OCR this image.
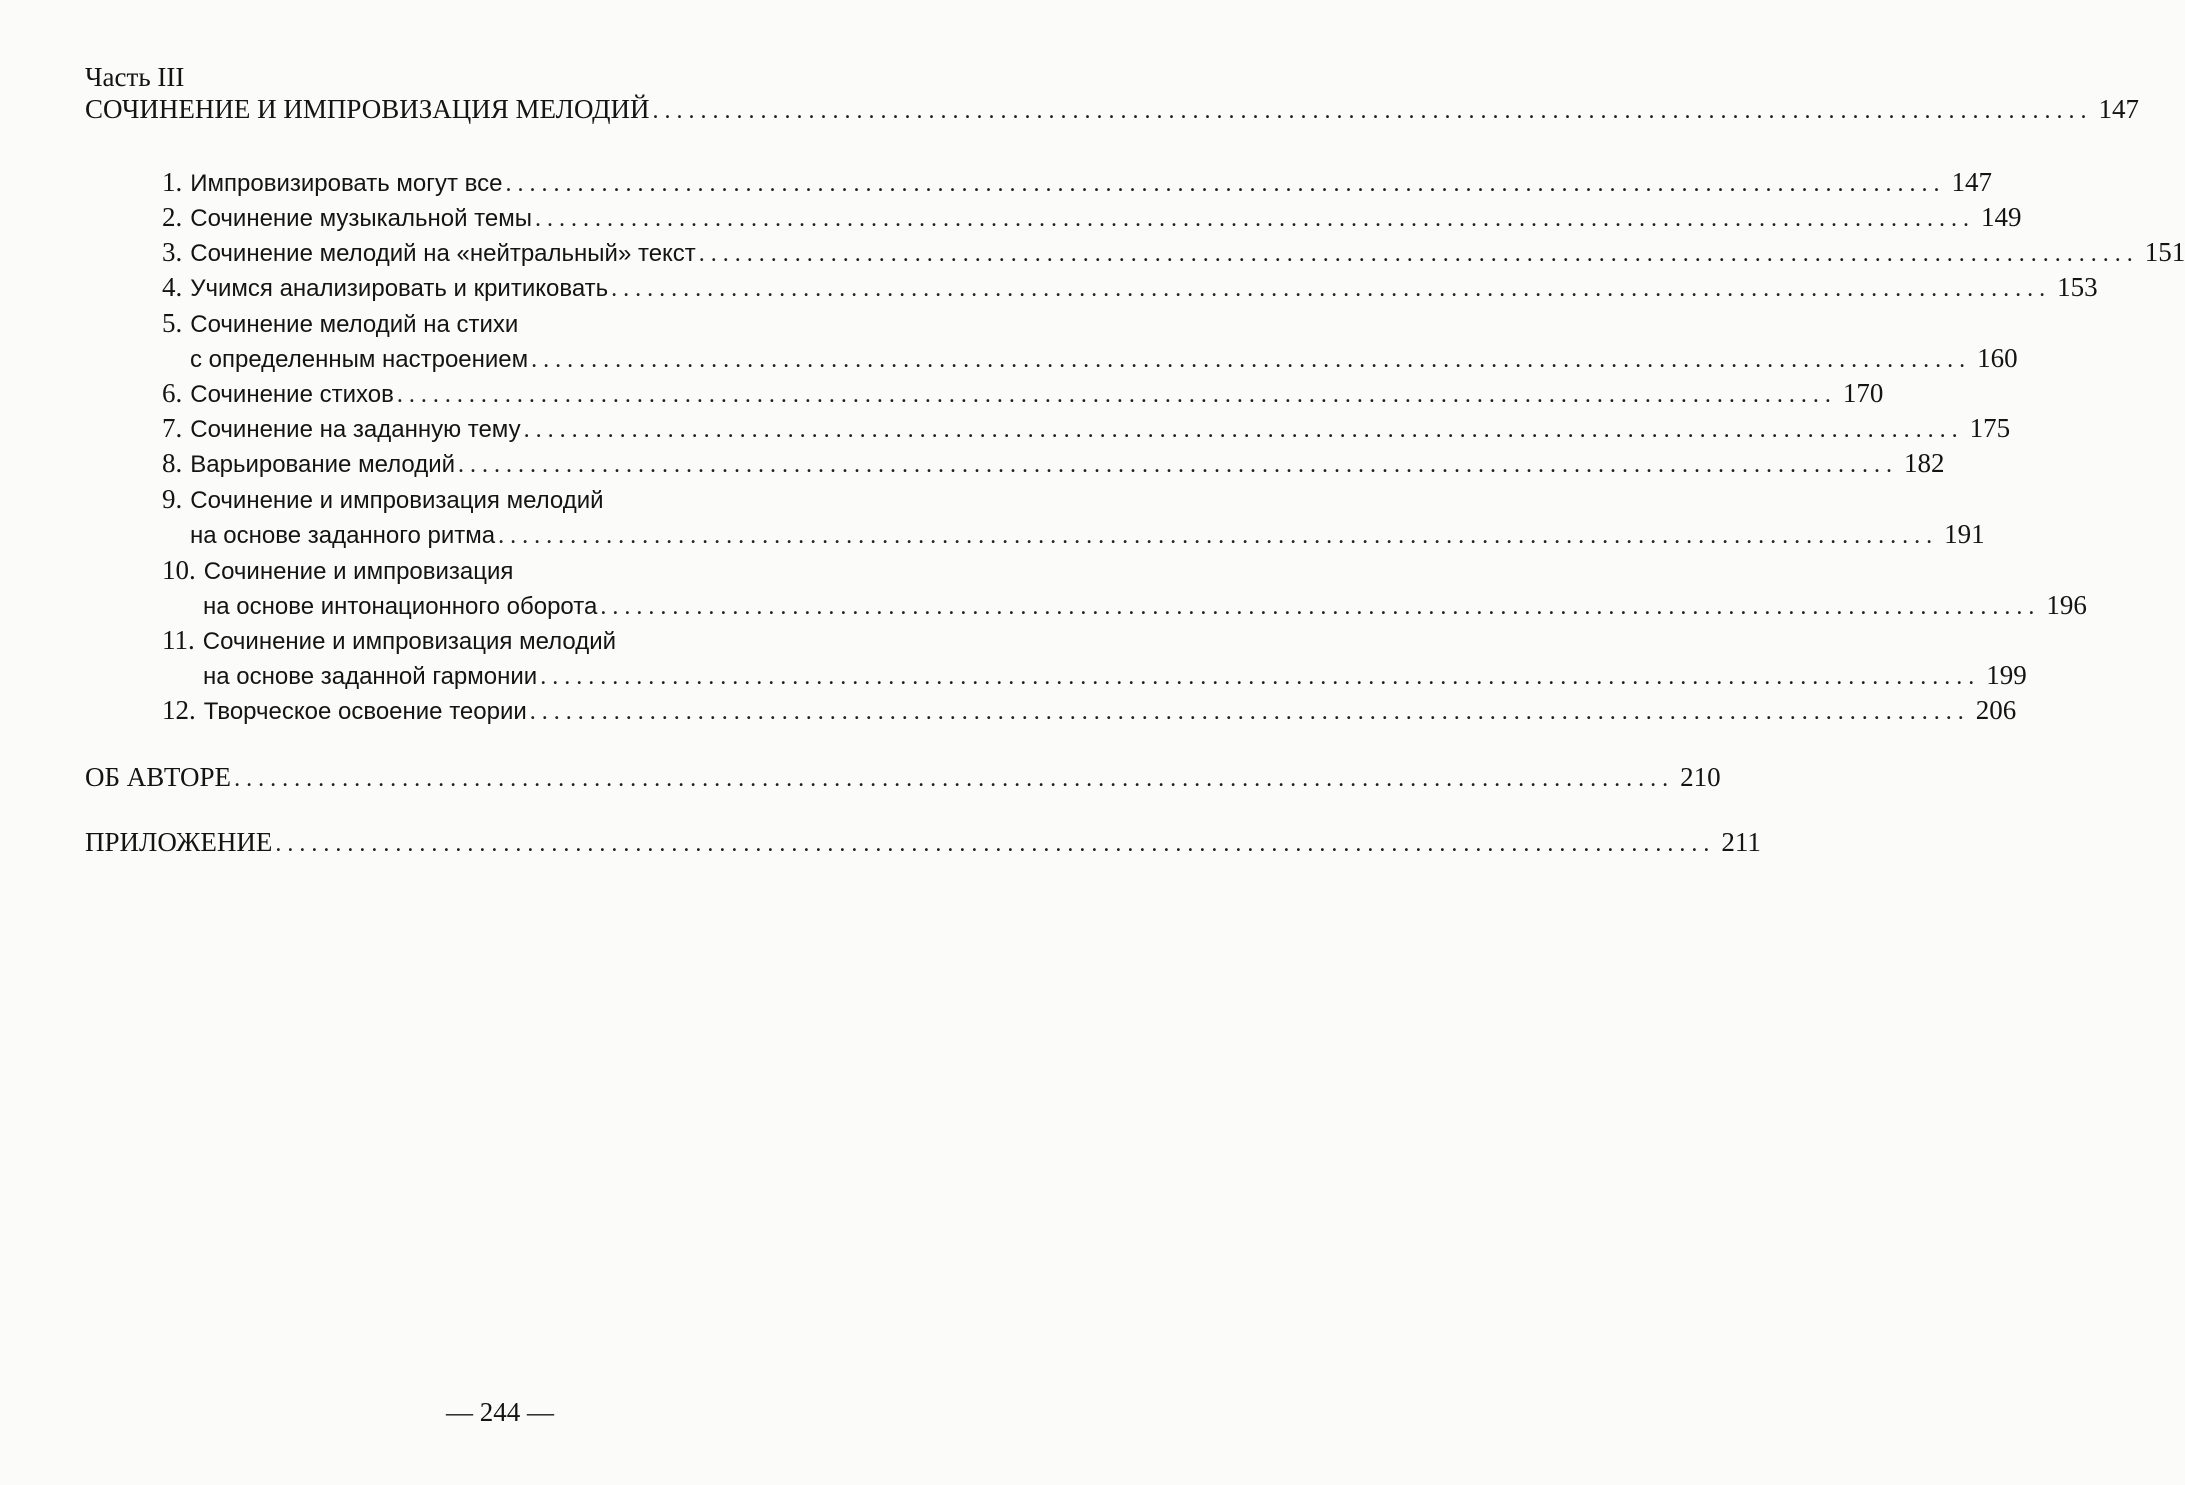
Часть III
СОЧИНЕНИЕ И ИМПРОВИЗАЦИЯ МЕЛОДИЙ ........................................................................................................................ 147
1. Импровизировать могут все ........................................................................................................................ 147
2. Сочинение музыкальной темы ........................................................................................................................ 149
3. Сочинение мелодий на «нейтральный» текст ........................................................................................................................ 151
4. Учимся анализировать и критиковать ........................................................................................................................ 153
5. Сочинение мелодий на стихи
с определенным настроением ........................................................................................................................ 160
6. Сочинение стихов ........................................................................................................................ 170
7. Сочинение на заданную тему ........................................................................................................................ 175
8. Варьирование мелодий ........................................................................................................................ 182
9. Сочинение и импровизация мелодий
на основе заданного ритма ........................................................................................................................ 191
10. Сочинение и импровизация
на основе интонационного оборота ........................................................................................................................ 196
11. Сочинение и импровизация мелодий
на основе заданной гармонии ........................................................................................................................ 199
12. Творческое освоение теории ........................................................................................................................ 206
ОБ АВТОРЕ ........................................................................................................................ 210
ПРИЛОЖЕНИЕ ........................................................................................................................ 211
— 244 —
